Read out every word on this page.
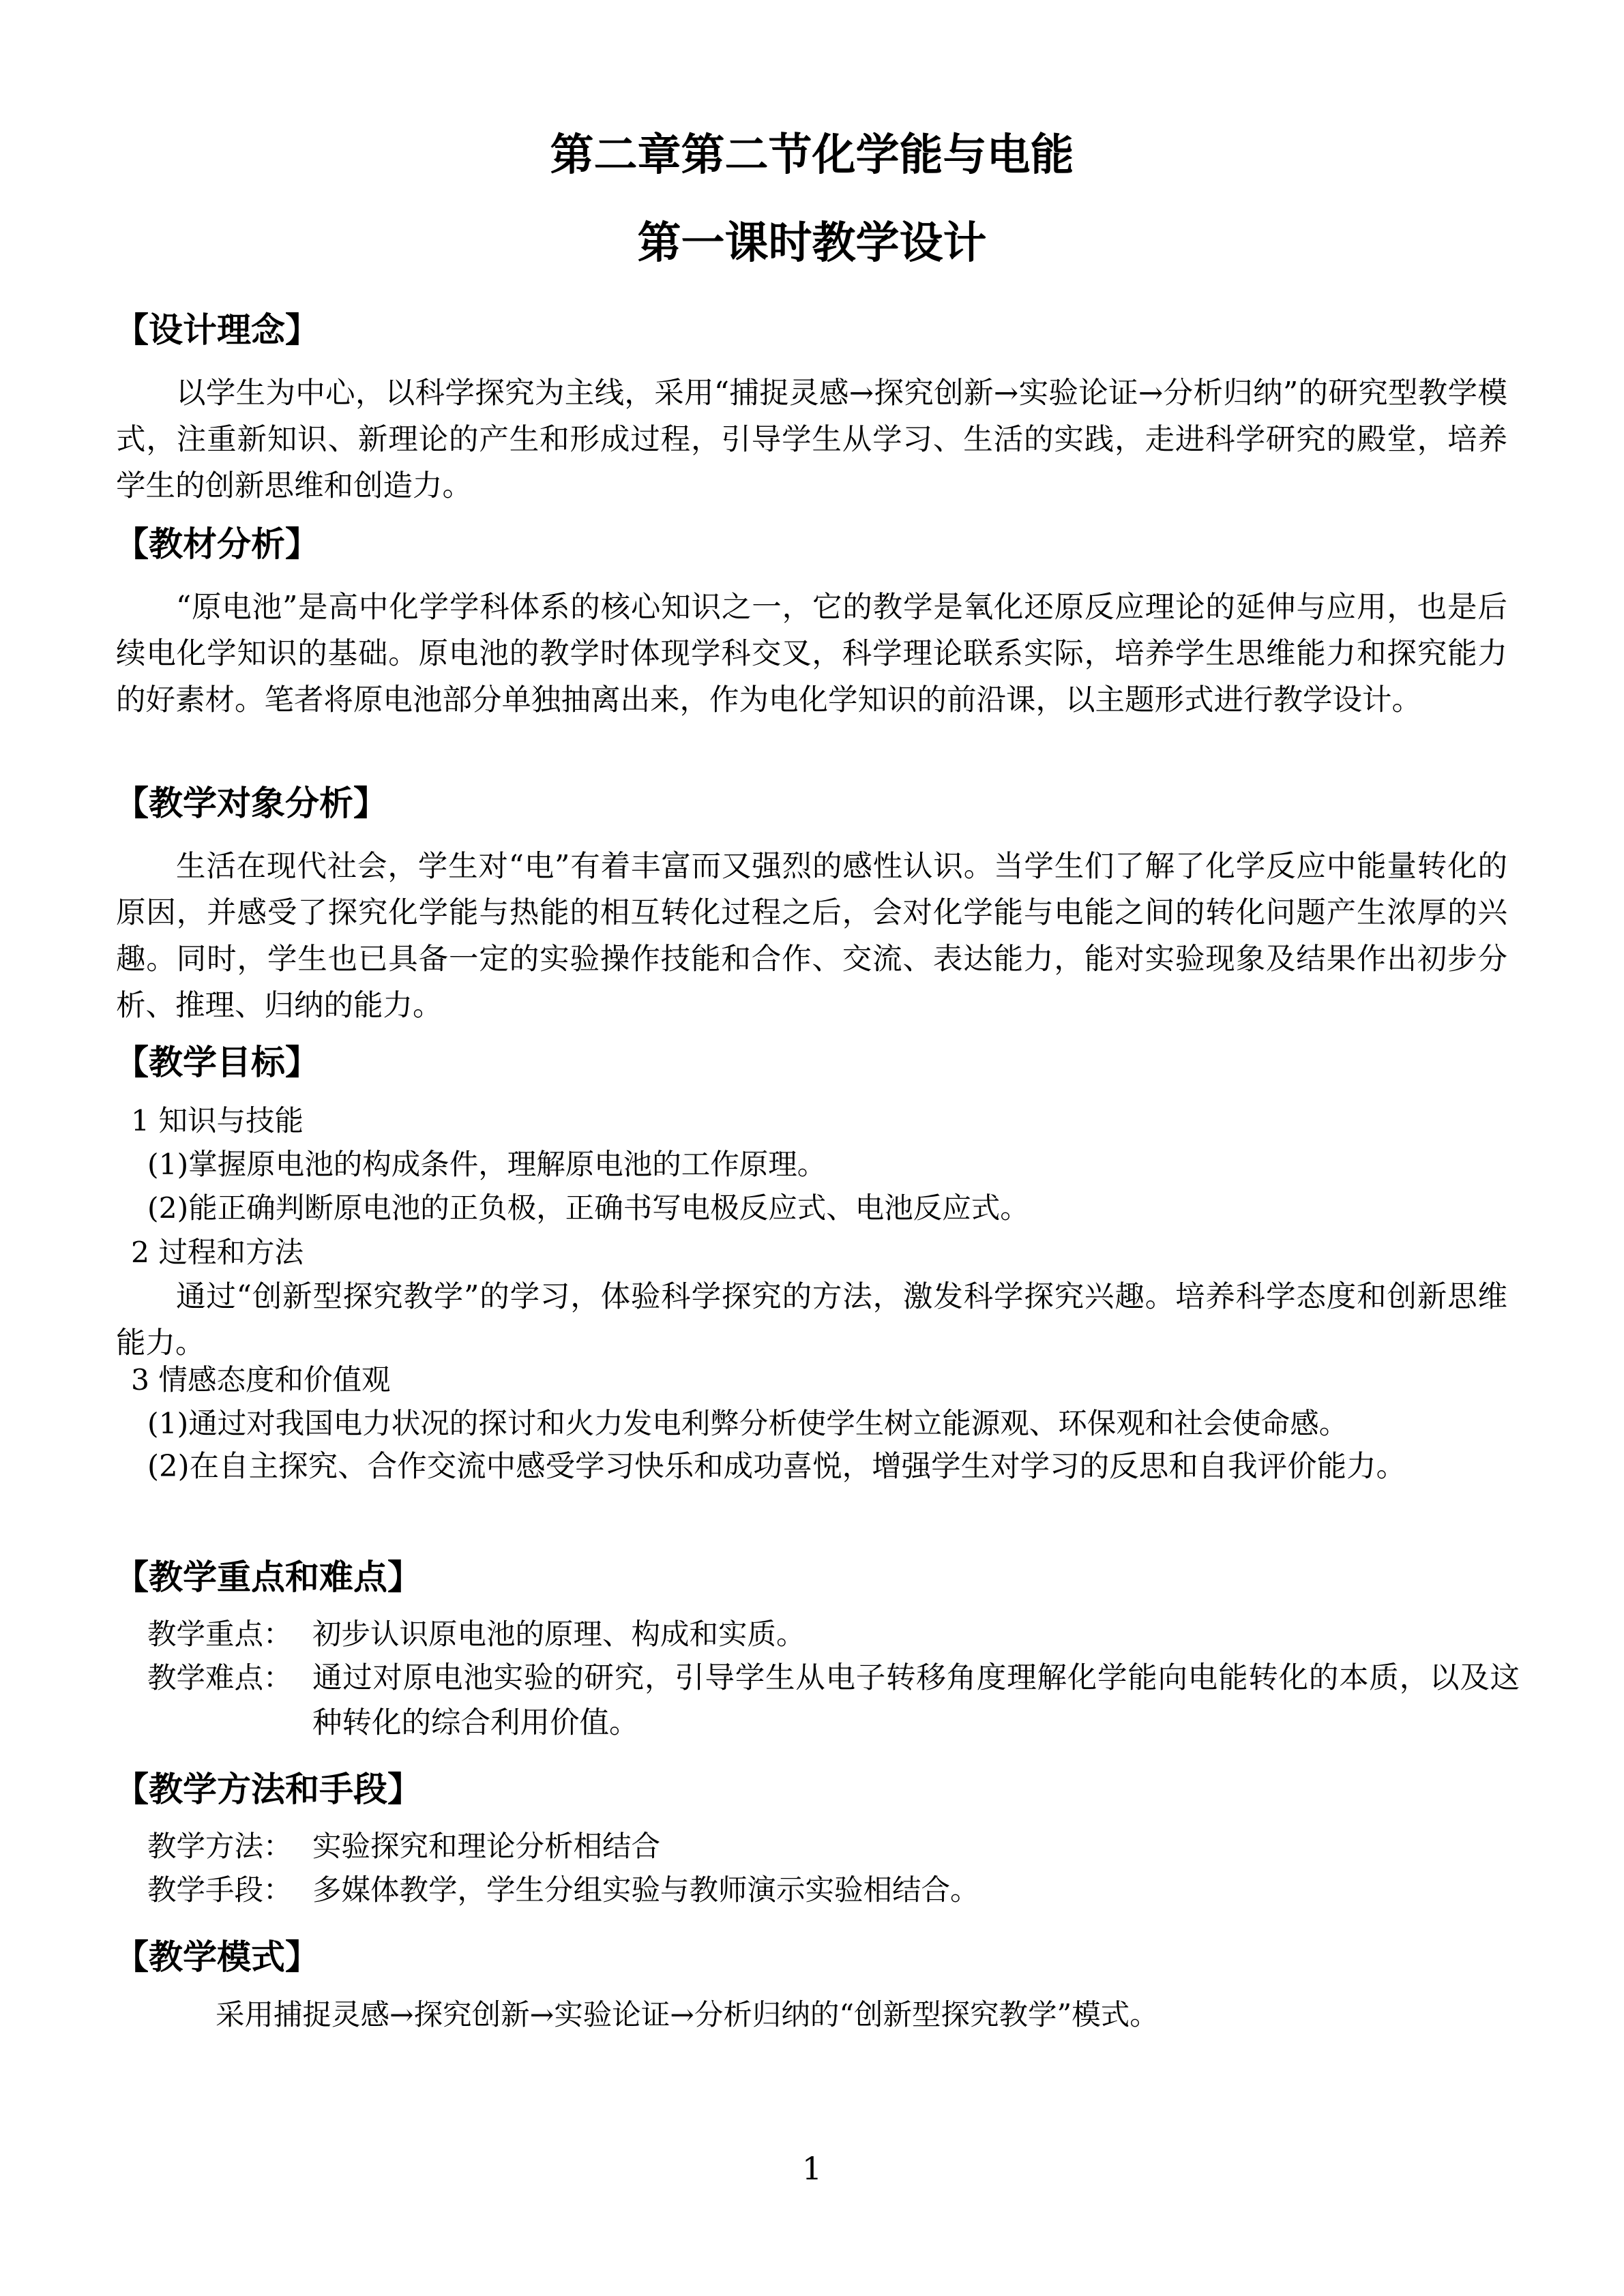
第二章第二节化学能与电能
第一课时教学设计
【设计理念】

以学生为中心，以科学探究为主线，采用“捕捉灵感→探究创新→实验论证→分析归纳”的研究型教学模式，注重新知识、新理论的产生和形成过程，引导学生从学习、生活的实践，走进科学研究的殿堂，培养学生的创新思维和创造力。

【教材分析】

“原电池”是高中化学学科体系的核心知识之一，它的教学是氧化还原反应理论的延伸与应用，也是后续电化学知识的基础。原电池的教学时体现学科交叉，科学理论联系实际，培养学生思维能力和探究能力的好素材。笔者将原电池部分单独抽离出来，作为电化学知识的前沿课，以主题形式进行教学设计。

【教学对象分析】

生活在现代社会，学生对“电”有着丰富而又强烈的感性认识。当学生们了解了化学反应中能量转化的原因，并感受了探究化学能与热能的相互转化过程之后，会对化学能与电能之间的转化问题产生浓厚的兴趣。同时，学生也已具备一定的实验操作技能和合作、交流、表达能力，能对实验现象及结果作出初步分析、推理、归纳的能力。

【教学目标】
1 知识与技能
(1)掌握原电池的构成条件，理解原电池的工作原理。
(2)能正确判断原电池的正负极，正确书写电极反应式、电池反应式。
2 过程和方法

通过“创新型探究教学”的学习，体验科学探究的方法，激发科学探究兴趣。培养科学态度和创新思维能力。

3 情感态度和价值观
(1)通过对我国电力状况的探讨和火力发电利弊分析使学生树立能源观、环保观和社会使命感。

(2)在自主探究、合作交流中感受学习快乐和成功喜悦，增强学生对学习的反思和自我评价能力。

【教学重点和难点】
教学重点： 初步认识原电池的原理、构成和实质。
教学难点： 通过对原电池实验的研究，引导学生从电子转移角度理解化学能向电能转化的本质，以及这种转化的综合利用价值。

【教学方法和手段】
教学方法： 实验探究和理论分析相结合
教学手段： 多媒体教学，学生分组实验与教师演示实验相结合。
【教学模式】
采用捕捉灵感→探究创新→实验论证→分析归纳的“创新型探究教学”模式。
1
